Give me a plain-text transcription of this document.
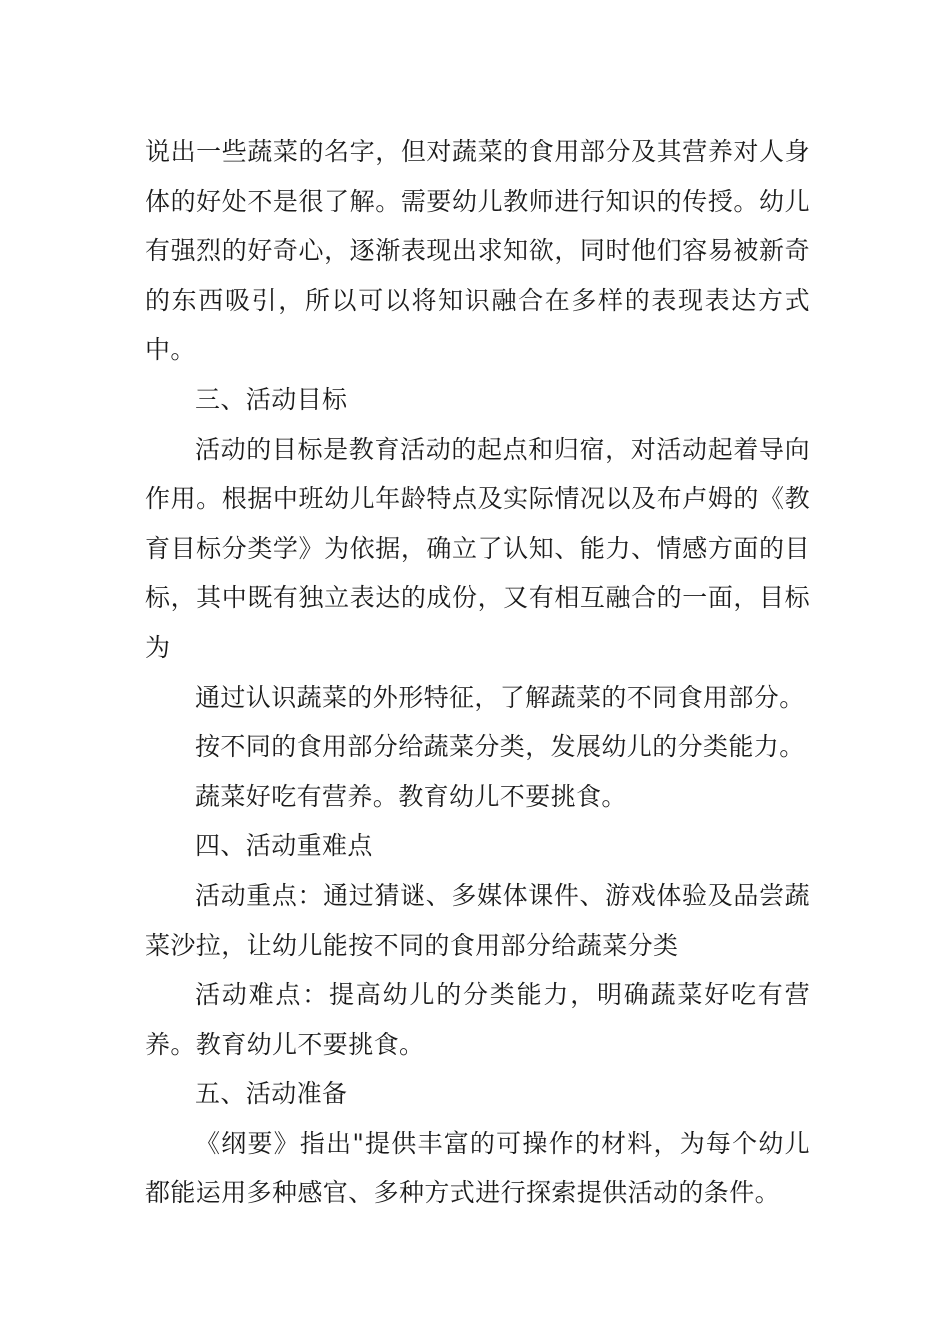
说出一些蔬菜的名字，但对蔬菜的食用部分及其营养对人身体的好处不是很了解。需要幼儿教师进行知识的传授。幼儿有强烈的好奇心，逐渐表现出求知欲，同时他们容易被新奇的东西吸引，所以可以将知识融合在多样的表现表达方式中。

三、活动目标

活动的目标是教育活动的起点和归宿，对活动起着导向作用。根据中班幼儿年龄特点及实际情况以及布卢姆的《教育目标分类学》为依据，确立了认知、能力、情感方面的目标，其中既有独立表达的成份，又有相互融合的一面，目标为

通过认识蔬菜的外形特征，了解蔬菜的不同食用部分。

按不同的食用部分给蔬菜分类，发展幼儿的分类能力。

蔬菜好吃有营养。教育幼儿不要挑食。

四、活动重难点

活动重点：通过猜谜、多媒体课件、游戏体验及品尝蔬菜沙拉，让幼儿能按不同的食用部分给蔬菜分类

活动难点：提高幼儿的分类能力，明确蔬菜好吃有营养。教育幼儿不要挑食。

五、活动准备

《纲要》指出"提供丰富的可操作的材料，为每个幼儿都能运用多种感官、多种方式进行探索提供活动的条件。
